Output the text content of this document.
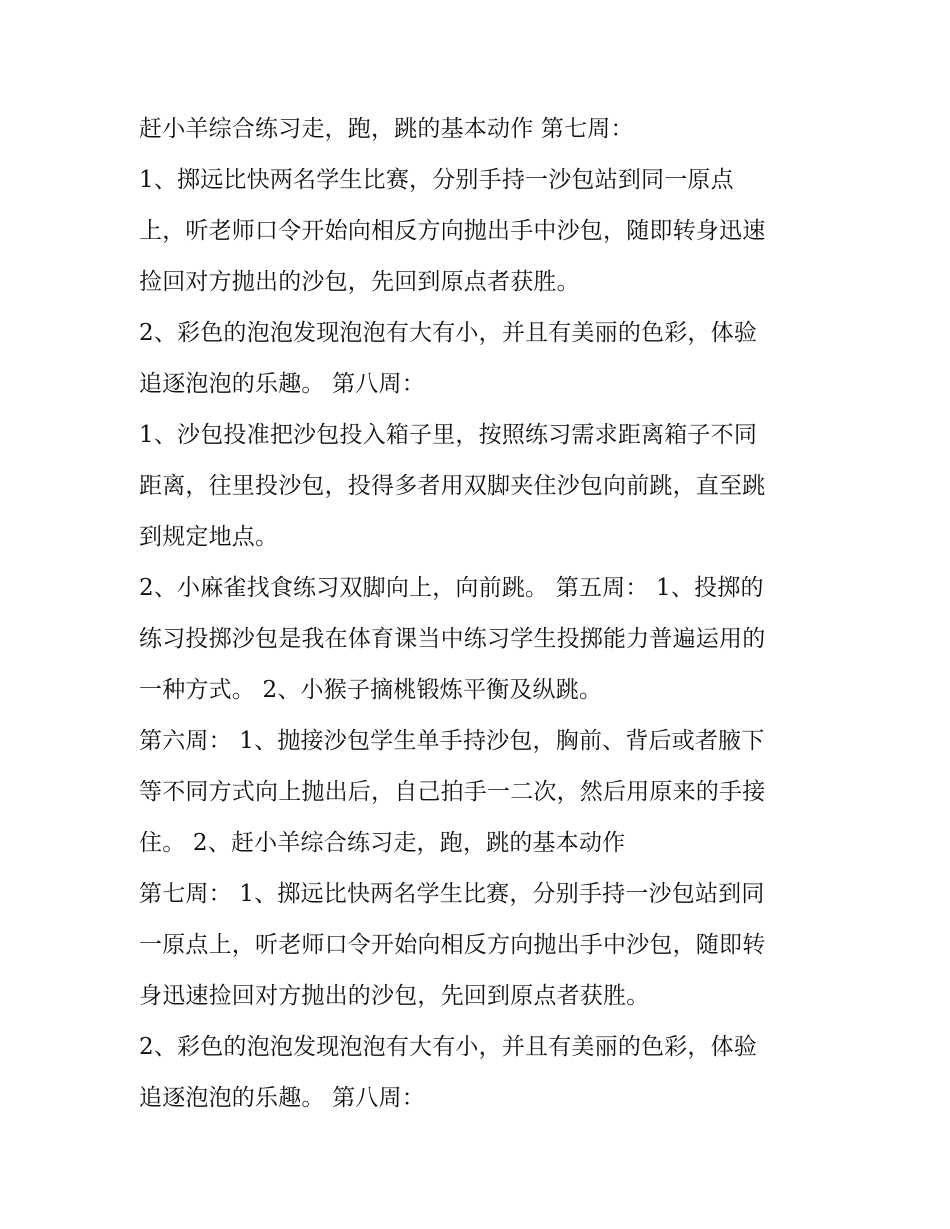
赶小羊综合练习走，跑，跳的基本动作 第七周：

1、掷远比快两名学生比赛，分别手持一沙包站到同一原点

上，听老师口令开始向相反方向抛出手中沙包，随即转身迅速

捡回对方抛出的沙包，先回到原点者获胜。

2、彩色的泡泡发现泡泡有大有小，并且有美丽的色彩，体验

追逐泡泡的乐趣。 第八周：

1、沙包投准把沙包投入箱子里，按照练习需求距离箱子不同

距离，往里投沙包，投得多者用双脚夹住沙包向前跳，直至跳

到规定地点。

2、小麻雀找食练习双脚向上，向前跳。 第五周： 1、投掷的

练习投掷沙包是我在体育课当中练习学生投掷能力普遍运用的

一种方式。 2、小猴子摘桃锻炼平衡及纵跳。

第六周： 1、抛接沙包学生单手持沙包，胸前、背后或者腋下

等不同方式向上抛出后，自己拍手一二次，然后用原来的手接

住。 2、赶小羊综合练习走，跑，跳的基本动作

第七周： 1、掷远比快两名学生比赛，分别手持一沙包站到同

一原点上，听老师口令开始向相反方向抛出手中沙包，随即转

身迅速捡回对方抛出的沙包，先回到原点者获胜。

2、彩色的泡泡发现泡泡有大有小，并且有美丽的色彩，体验

追逐泡泡的乐趣。 第八周：
